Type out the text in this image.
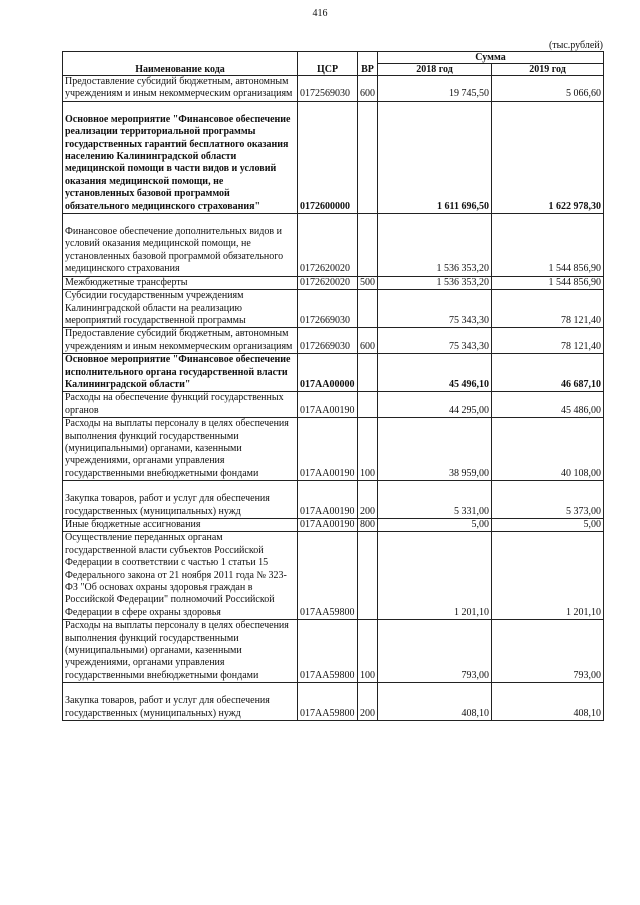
416
(тыс.рублей)
Наименование кода	ЦСР	ВР	Сумма	
			2018 год	2019 год
Предоставление субсидий бюджетным, автономным учреждениям и иным некоммерческим организациям	0172569030	600	19 745,50	5 066,60
Основное мероприятие "Финансовое обеспечение реализации территориальной программы государственных гарантий бесплатного оказания населению Калининградской области медицинской помощи в части видов и условий оказания медицинской помощи, не установленных базовой программой обязательного медицинского страхования"	0172600000		1 611 696,50	1 622 978,30
Финансовое обеспечение дополнительных видов и условий оказания медицинской помощи, не установленных базовой программой обязательного медицинского страхования	0172620020		1 536 353,20	1 544 856,90
Межбюджетные трансферты	0172620020	500	1 536 353,20	1 544 856,90
Субсидии государственным учреждениям Калининградской области на реализацию мероприятий государственной программы	0172669030		75 343,30	78 121,40
Предоставление субсидий бюджетным, автономным учреждениям и иным некоммерческим организациям	0172669030	600	75 343,30	78 121,40
Основное мероприятие "Финансовое обеспечение исполнительного органа государственной власти Калининградской области"	017АА00000		45 496,10	46 687,10
Расходы на обеспечение функций государственных органов	017АА00190		44 295,00	45 486,00
Расходы на выплаты персоналу в целях обеспечения выполнения функций государственными (муниципальными) органами, казенными учреждениями, органами управления государственными внебюджетными фондами	017АА00190	100	38 959,00	40 108,00
Закупка товаров, работ и услуг для обеспечения государственных (муниципальных) нужд	017АА00190	200	5 331,00	5 373,00
Иные бюджетные ассигнования	017АА00190	800	5,00	5,00
Осуществление переданных органам государственной власти субъектов Российской Федерации в соответствии с частью 1 статьи 15 Федерального закона от 21 ноября 2011 года № 323-ФЗ "Об основах охраны здоровья граждан в Российской Федерации" полномочий Российской Федерации в сфере охраны здоровья	017АА59800		1 201,10	1 201,10
Расходы на выплаты персоналу в целях обеспечения выполнения функций государственными (муниципальными) органами, казенными учреждениями, органами управления государственными внебюджетными фондами	017АА59800	100	793,00	793,00
Закупка товаров, работ и услуг для обеспечения государственных (муниципальных) нужд	017АА59800	200	408,10	408,10
